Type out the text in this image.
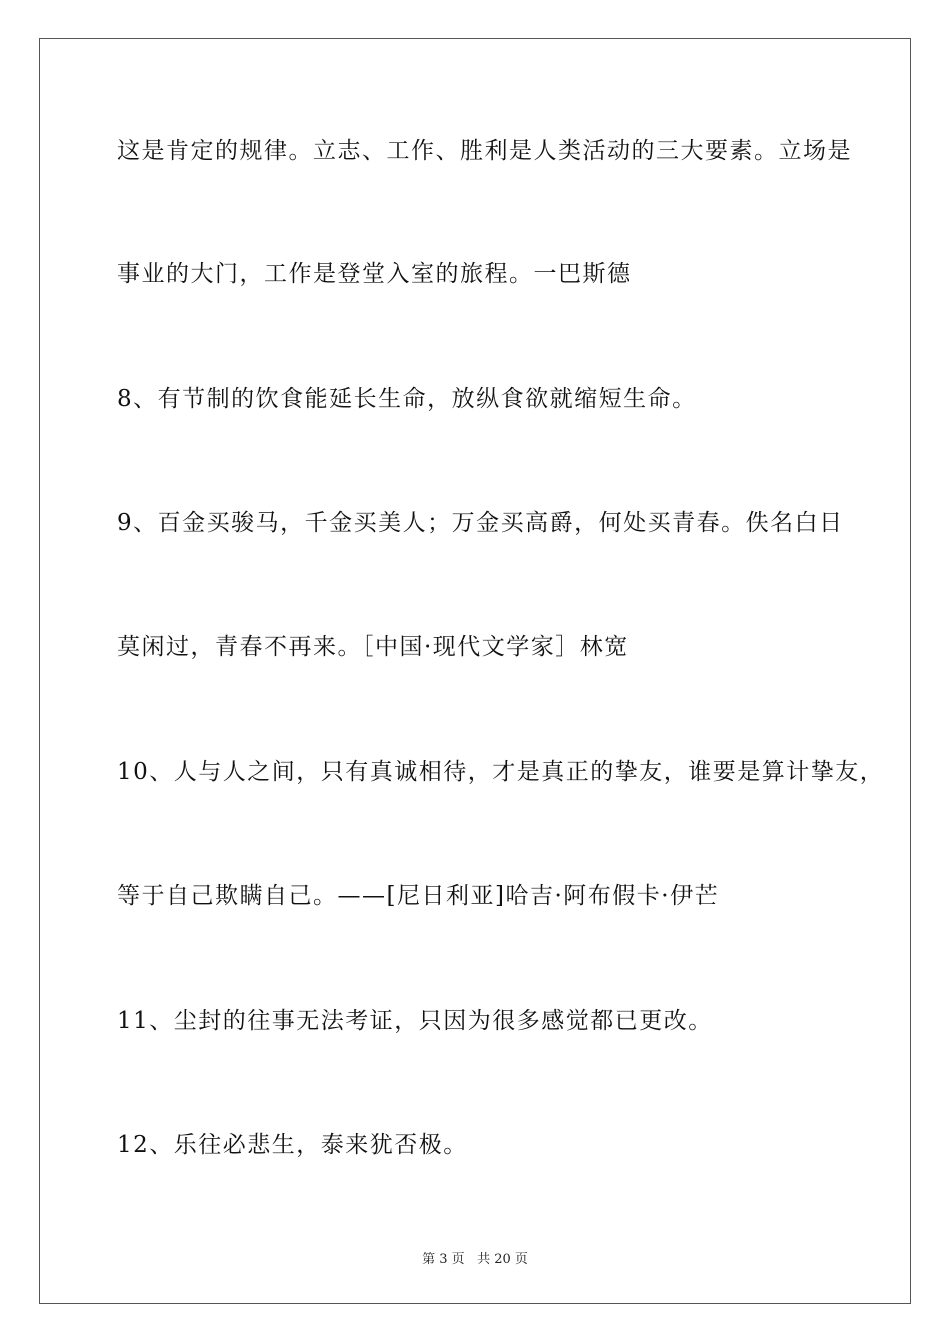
这是肯定的规律。立志、工作、胜利是人类活动的三大要素。立场是

事业的大门，工作是登堂入室的旅程。一巴斯德

8、有节制的饮食能延长生命，放纵食欲就缩短生命。

9、百金买骏马，千金买美人；万金买高爵，何处买青春。佚名白日

莫闲过，青春不再来。［中国·现代文学家］林宽

10、人与人之间，只有真诚相待，才是真正的挚友，谁要是算计挚友，

等于自己欺瞒自己。——[尼日利亚]哈吉·阿布假卡·伊芒

11、尘封的往事无法考证，只因为很多感觉都已更改。

12、乐往必悲生，泰来犹否极。

第 3 页 共 20 页
